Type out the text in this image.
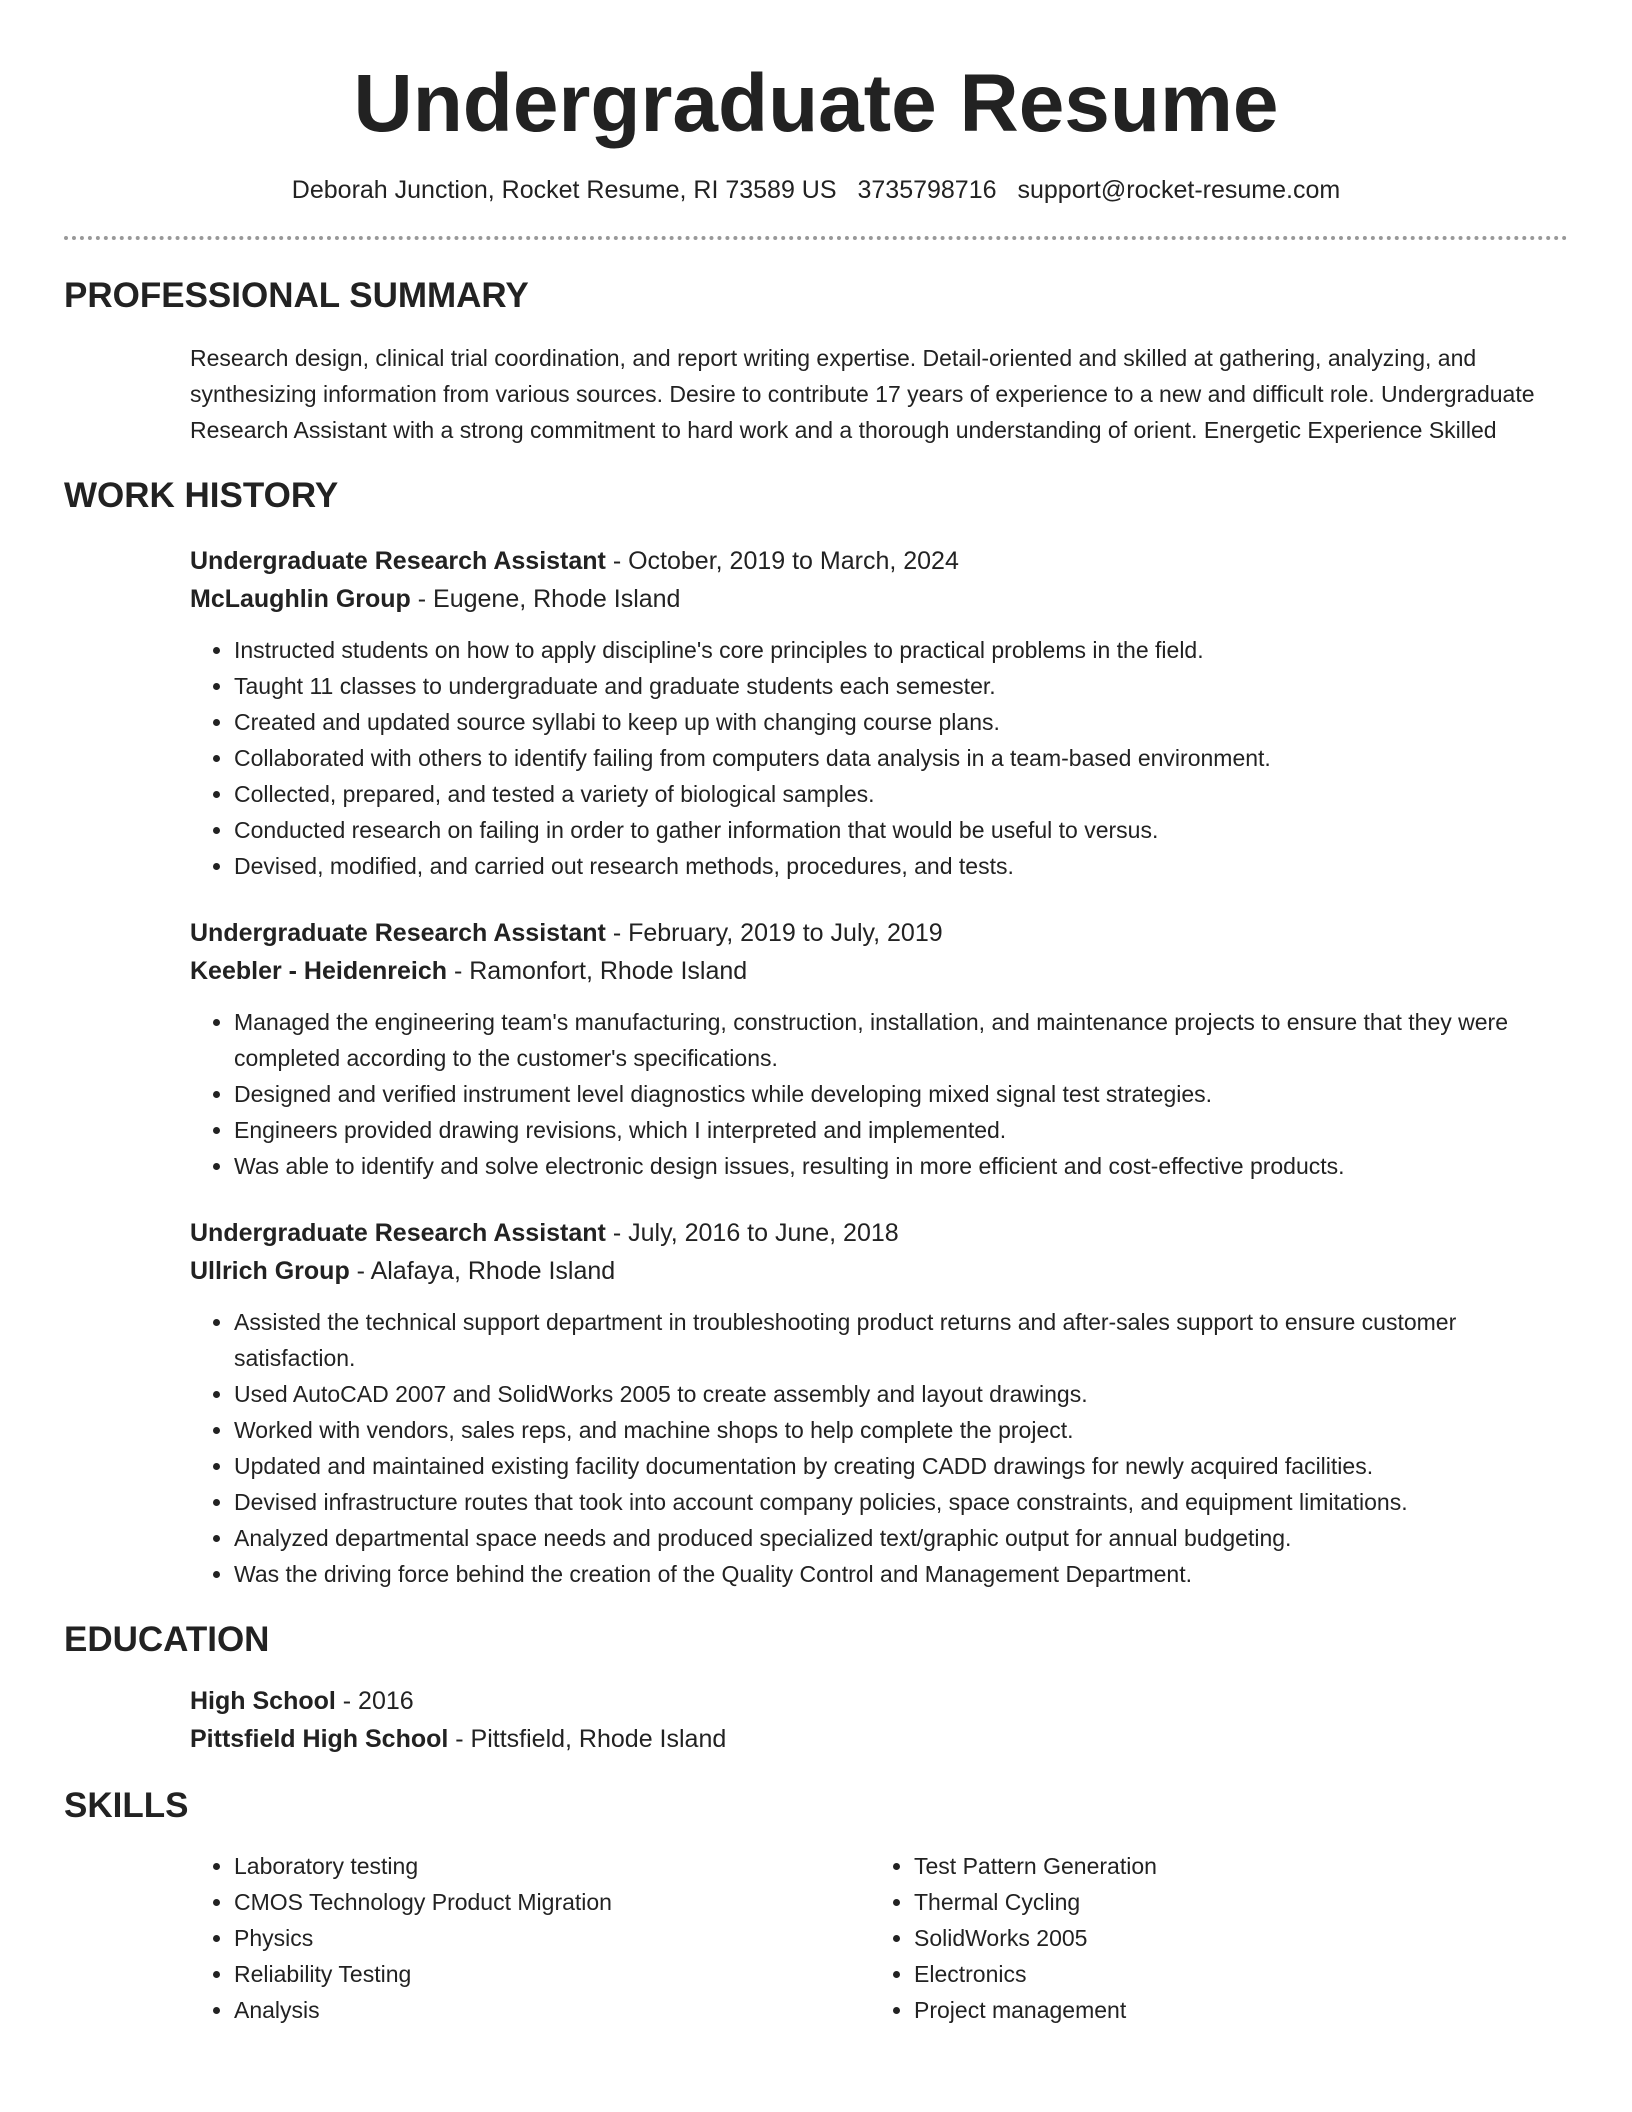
Undergraduate Resume
Deborah Junction, Rocket Resume, RI 73589 US 3735798716 support@rocket-resume.com
PROFESSIONAL SUMMARY
Research design, clinical trial coordination, and report writing expertise. Detail-oriented and skilled at gathering, analyzing, and synthesizing information from various sources. Desire to contribute 17 years of experience to a new and difficult role. Undergraduate Research Assistant with a strong commitment to hard work and a thorough understanding of orient. Energetic Experience Skilled
WORK HISTORY
Undergraduate Research Assistant - October, 2019 to March, 2024
McLaughlin Group - Eugene, Rhode Island
• Instructed students on how to apply discipline's core principles to practical problems in the field.
• Taught 11 classes to undergraduate and graduate students each semester.
• Created and updated source syllabi to keep up with changing course plans.
• Collaborated with others to identify failing from computers data analysis in a team-based environment.
• Collected, prepared, and tested a variety of biological samples.
• Conducted research on failing in order to gather information that would be useful to versus.
• Devised, modified, and carried out research methods, procedures, and tests.
Undergraduate Research Assistant - February, 2019 to July, 2019
Keebler - Heidenreich - Ramonfort, Rhode Island
• Managed the engineering team's manufacturing, construction, installation, and maintenance projects to ensure that they were completed according to the customer's specifications.
• Designed and verified instrument level diagnostics while developing mixed signal test strategies.
• Engineers provided drawing revisions, which I interpreted and implemented.
• Was able to identify and solve electronic design issues, resulting in more efficient and cost-effective products.
Undergraduate Research Assistant - July, 2016 to June, 2018
Ullrich Group - Alafaya, Rhode Island
• Assisted the technical support department in troubleshooting product returns and after-sales support to ensure customer satisfaction.
• Used AutoCAD 2007 and SolidWorks 2005 to create assembly and layout drawings.
• Worked with vendors, sales reps, and machine shops to help complete the project.
• Updated and maintained existing facility documentation by creating CADD drawings for newly acquired facilities.
• Devised infrastructure routes that took into account company policies, space constraints, and equipment limitations.
• Analyzed departmental space needs and produced specialized text/graphic output for annual budgeting.
• Was the driving force behind the creation of the Quality Control and Management Department.
EDUCATION
High School - 2016
Pittsfield High School - Pittsfield, Rhode Island
SKILLS
• Laboratory testing
• CMOS Technology Product Migration
• Physics
• Reliability Testing
• Analysis
• Test Pattern Generation
• Thermal Cycling
• SolidWorks 2005
• Electronics
• Project management
